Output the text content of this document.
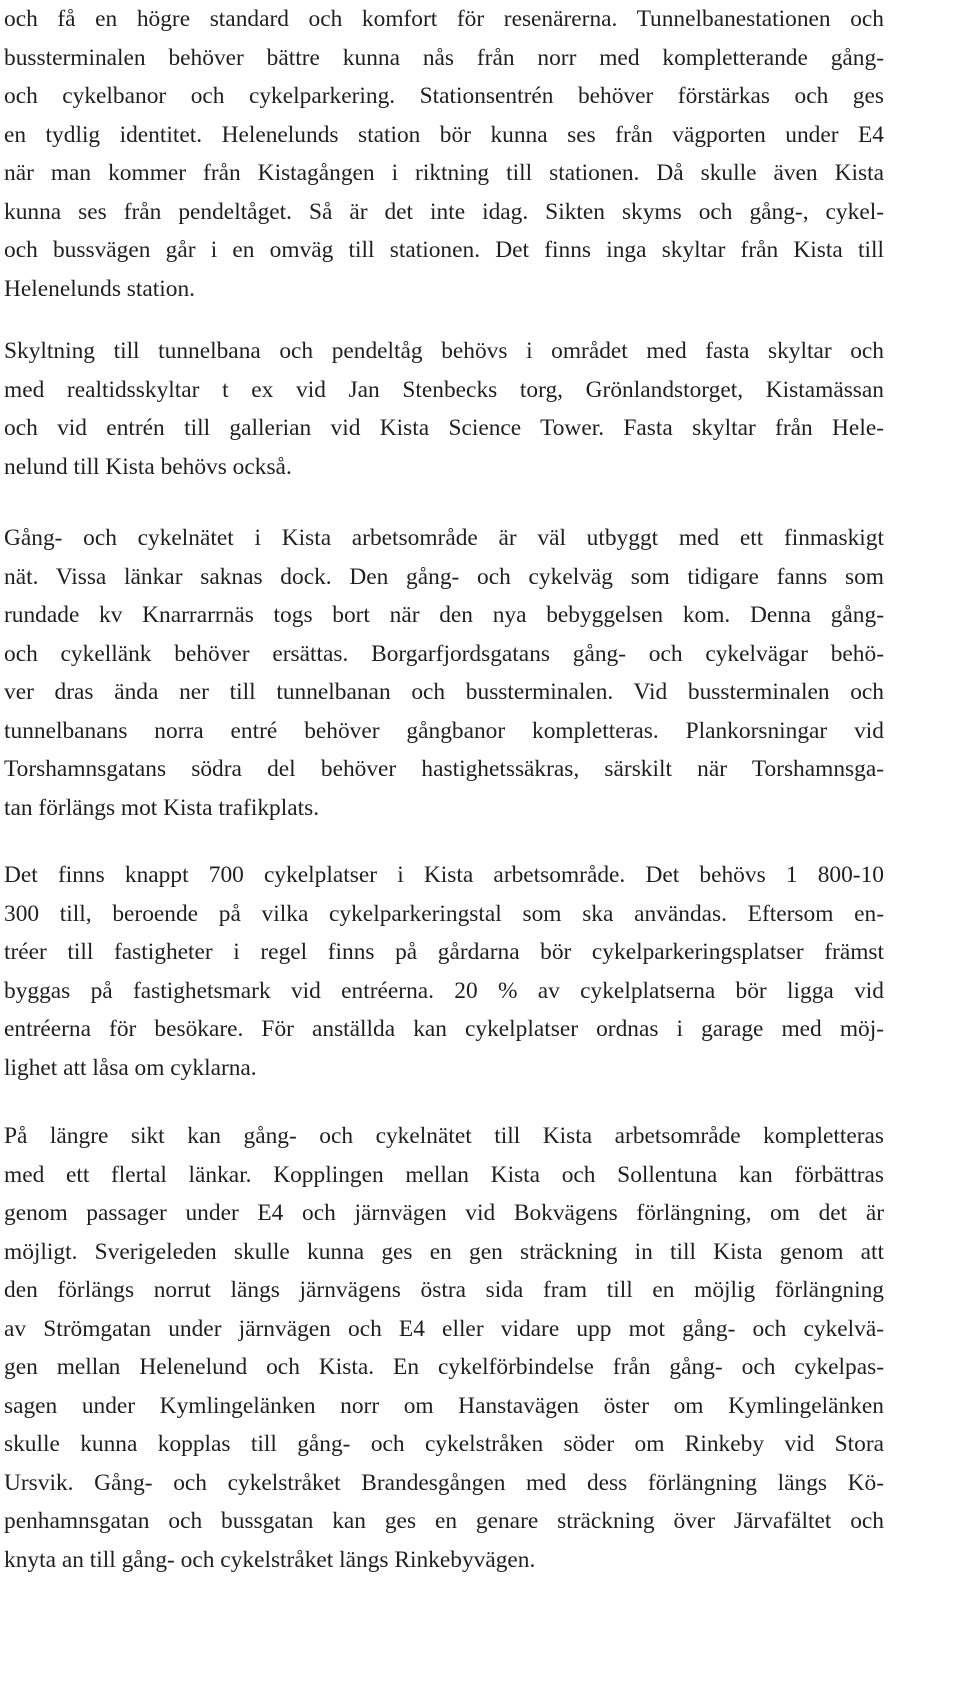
och få en högre standard och komfort för resenärerna. Tunnelbanestationen och
bussterminalen behöver bättre kunna nås från norr med kompletterande gång-
och cykelbanor och cykelparkering. Stationsentrén behöver förstärkas och ges
en tydlig identitet. Helenelunds station bör kunna ses från vägporten under E4
när man kommer från Kistagången i riktning till stationen. Då skulle även Kista
kunna ses från pendeltåget. Så är det inte idag. Sikten skyms och gång-, cykel-
och bussvägen går i en omväg till stationen. Det finns inga skyltar från Kista till
Helenelunds station.
Skyltning till tunnelbana och pendeltåg behövs i området med fasta skyltar och
med realtidsskyltar t ex vid Jan Stenbecks torg, Grönlandstorget, Kistamässan
och vid entrén till gallerian vid Kista Science Tower. Fasta skyltar från Hele-
nelund till Kista behövs också.
Gång- och cykelnätet i Kista arbetsområde är väl utbyggt med ett finmaskigt
nät. Vissa länkar saknas dock. Den gång- och cykelväg som tidigare fanns som
rundade kv Knarrarrnäs togs bort när den nya bebyggelsen kom. Denna gång-
och cykellänk behöver ersättas. Borgarfjordsgatans gång- och cykelvägar behö-
ver dras ända ner till tunnelbanan och bussterminalen. Vid bussterminalen och
tunnelbanans norra entré behöver gångbanor kompletteras. Plankorsningar vid
Torshamnsgatans södra del behöver hastighetssäkras, särskilt när Torshamnsga-
tan förlängs mot Kista trafikplats.
Det finns knappt 700 cykelplatser i Kista arbetsområde. Det behövs 1 800-10
300 till, beroende på vilka cykelparkeringstal som ska användas. Eftersom en-
tréer till fastigheter i regel finns på gårdarna bör cykelparkeringsplatser främst
byggas på fastighetsmark vid entréerna. 20 % av cykelplatserna bör ligga vid
entréerna för besökare. För anställda kan cykelplatser ordnas i garage med möj-
lighet att låsa om cyklarna.
På längre sikt kan gång- och cykelnätet till Kista arbetsområde kompletteras
med ett flertal länkar. Kopplingen mellan Kista och Sollentuna kan förbättras
genom passager under E4 och järnvägen vid Bokvägens förlängning, om det är
möjligt. Sverigeleden skulle kunna ges en gen sträckning in till Kista genom att
den förlängs norrut längs järnvägens östra sida fram till en möjlig förlängning
av Strömgatan under järnvägen och E4 eller vidare upp mot gång- och cykelvä-
gen mellan Helenelund och Kista. En cykelförbindelse från gång- och cykelpas-
sagen under Kymlingelänken norr om Hanstavägen öster om Kymlingelänken
skulle kunna kopplas till gång- och cykelstråken söder om Rinkeby vid Stora
Ursvik. Gång- och cykelstråket Brandesgången med dess förlängning längs Kö-
penhamnsgatan och bussgatan kan ges en genare sträckning över Järvafältet och
knyta an till gång- och cykelstråket längs Rinkebyvägen.
